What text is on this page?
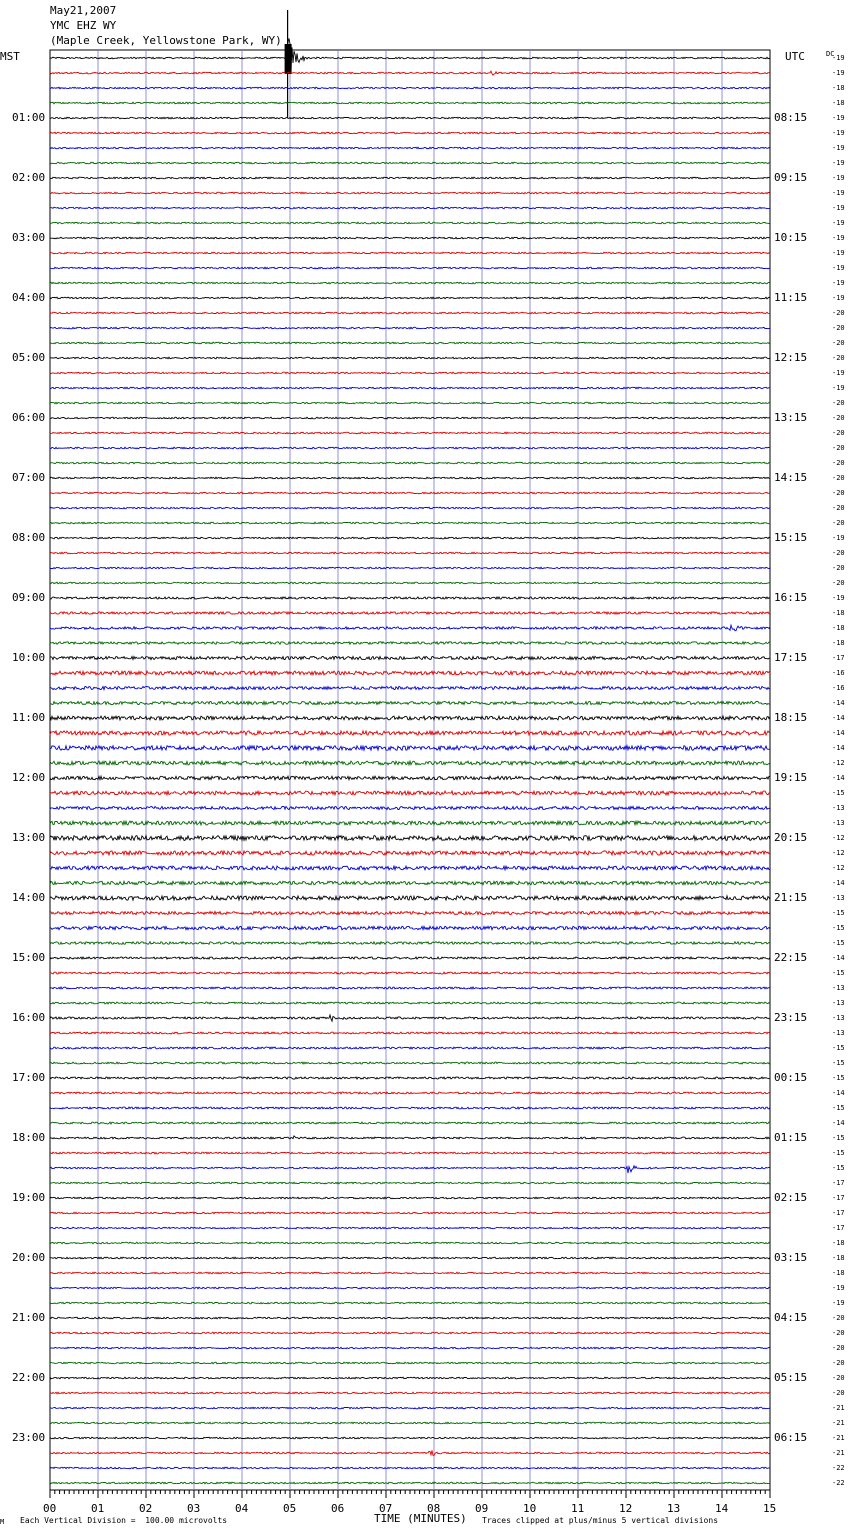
May21,2007
YMC EHZ WY
(Maple Creek, Yellowstone Park, WY)
MST	UTC	DC
01:00
02:00
03:00
04:00
05:00
06:00
07:00
08:00
09:00
10:00
11:00
12:00
13:00
14:00
15:00
16:00
17:00
18:00
19:00
20:00
21:00
22:00
23:00
08:15
09:15
10:15
11:15
12:15
13:15
14:15
15:15
16:15
17:15
18:15
19:15
20:15
21:15
22:15
23:15
00:15
01:15
02:15
03:15
04:15
05:15
06:15
-19
-19
-18
-18
-19
-19
-19
-19
-19
-19
-19
-19
-19
-19
-19
-19
-19
-20
-20
-20
-20
-19
-19
-20
-20
-20
-20
-20
-20
-20
-20
-20
-19
-20
-20
-20
-19
-18
-18
-18
-17
-16
-16
-14
-14
-14
-14
-12
-14
-15
-13
-13
-12
-12
-12
-14
-13
-15
-15
-15
-14
-15
-13
-13
-13
-13
-15
-15
-15
-14
-15
-14
-15
-15
-15
-17
-17
-17
-17
-18
-18
-18
-19
-19
-20
-20
-20
-20
-20
-20
-21
-21
-21
-21
-22
-22
00	01	02	03	04	05	06	07	08	09	10	11	12	13	14	15
M Each Vertical Division =  100.00 microvolts	TIME (MINUTES) Traces clipped at plus/minus 5 vertical divisions
